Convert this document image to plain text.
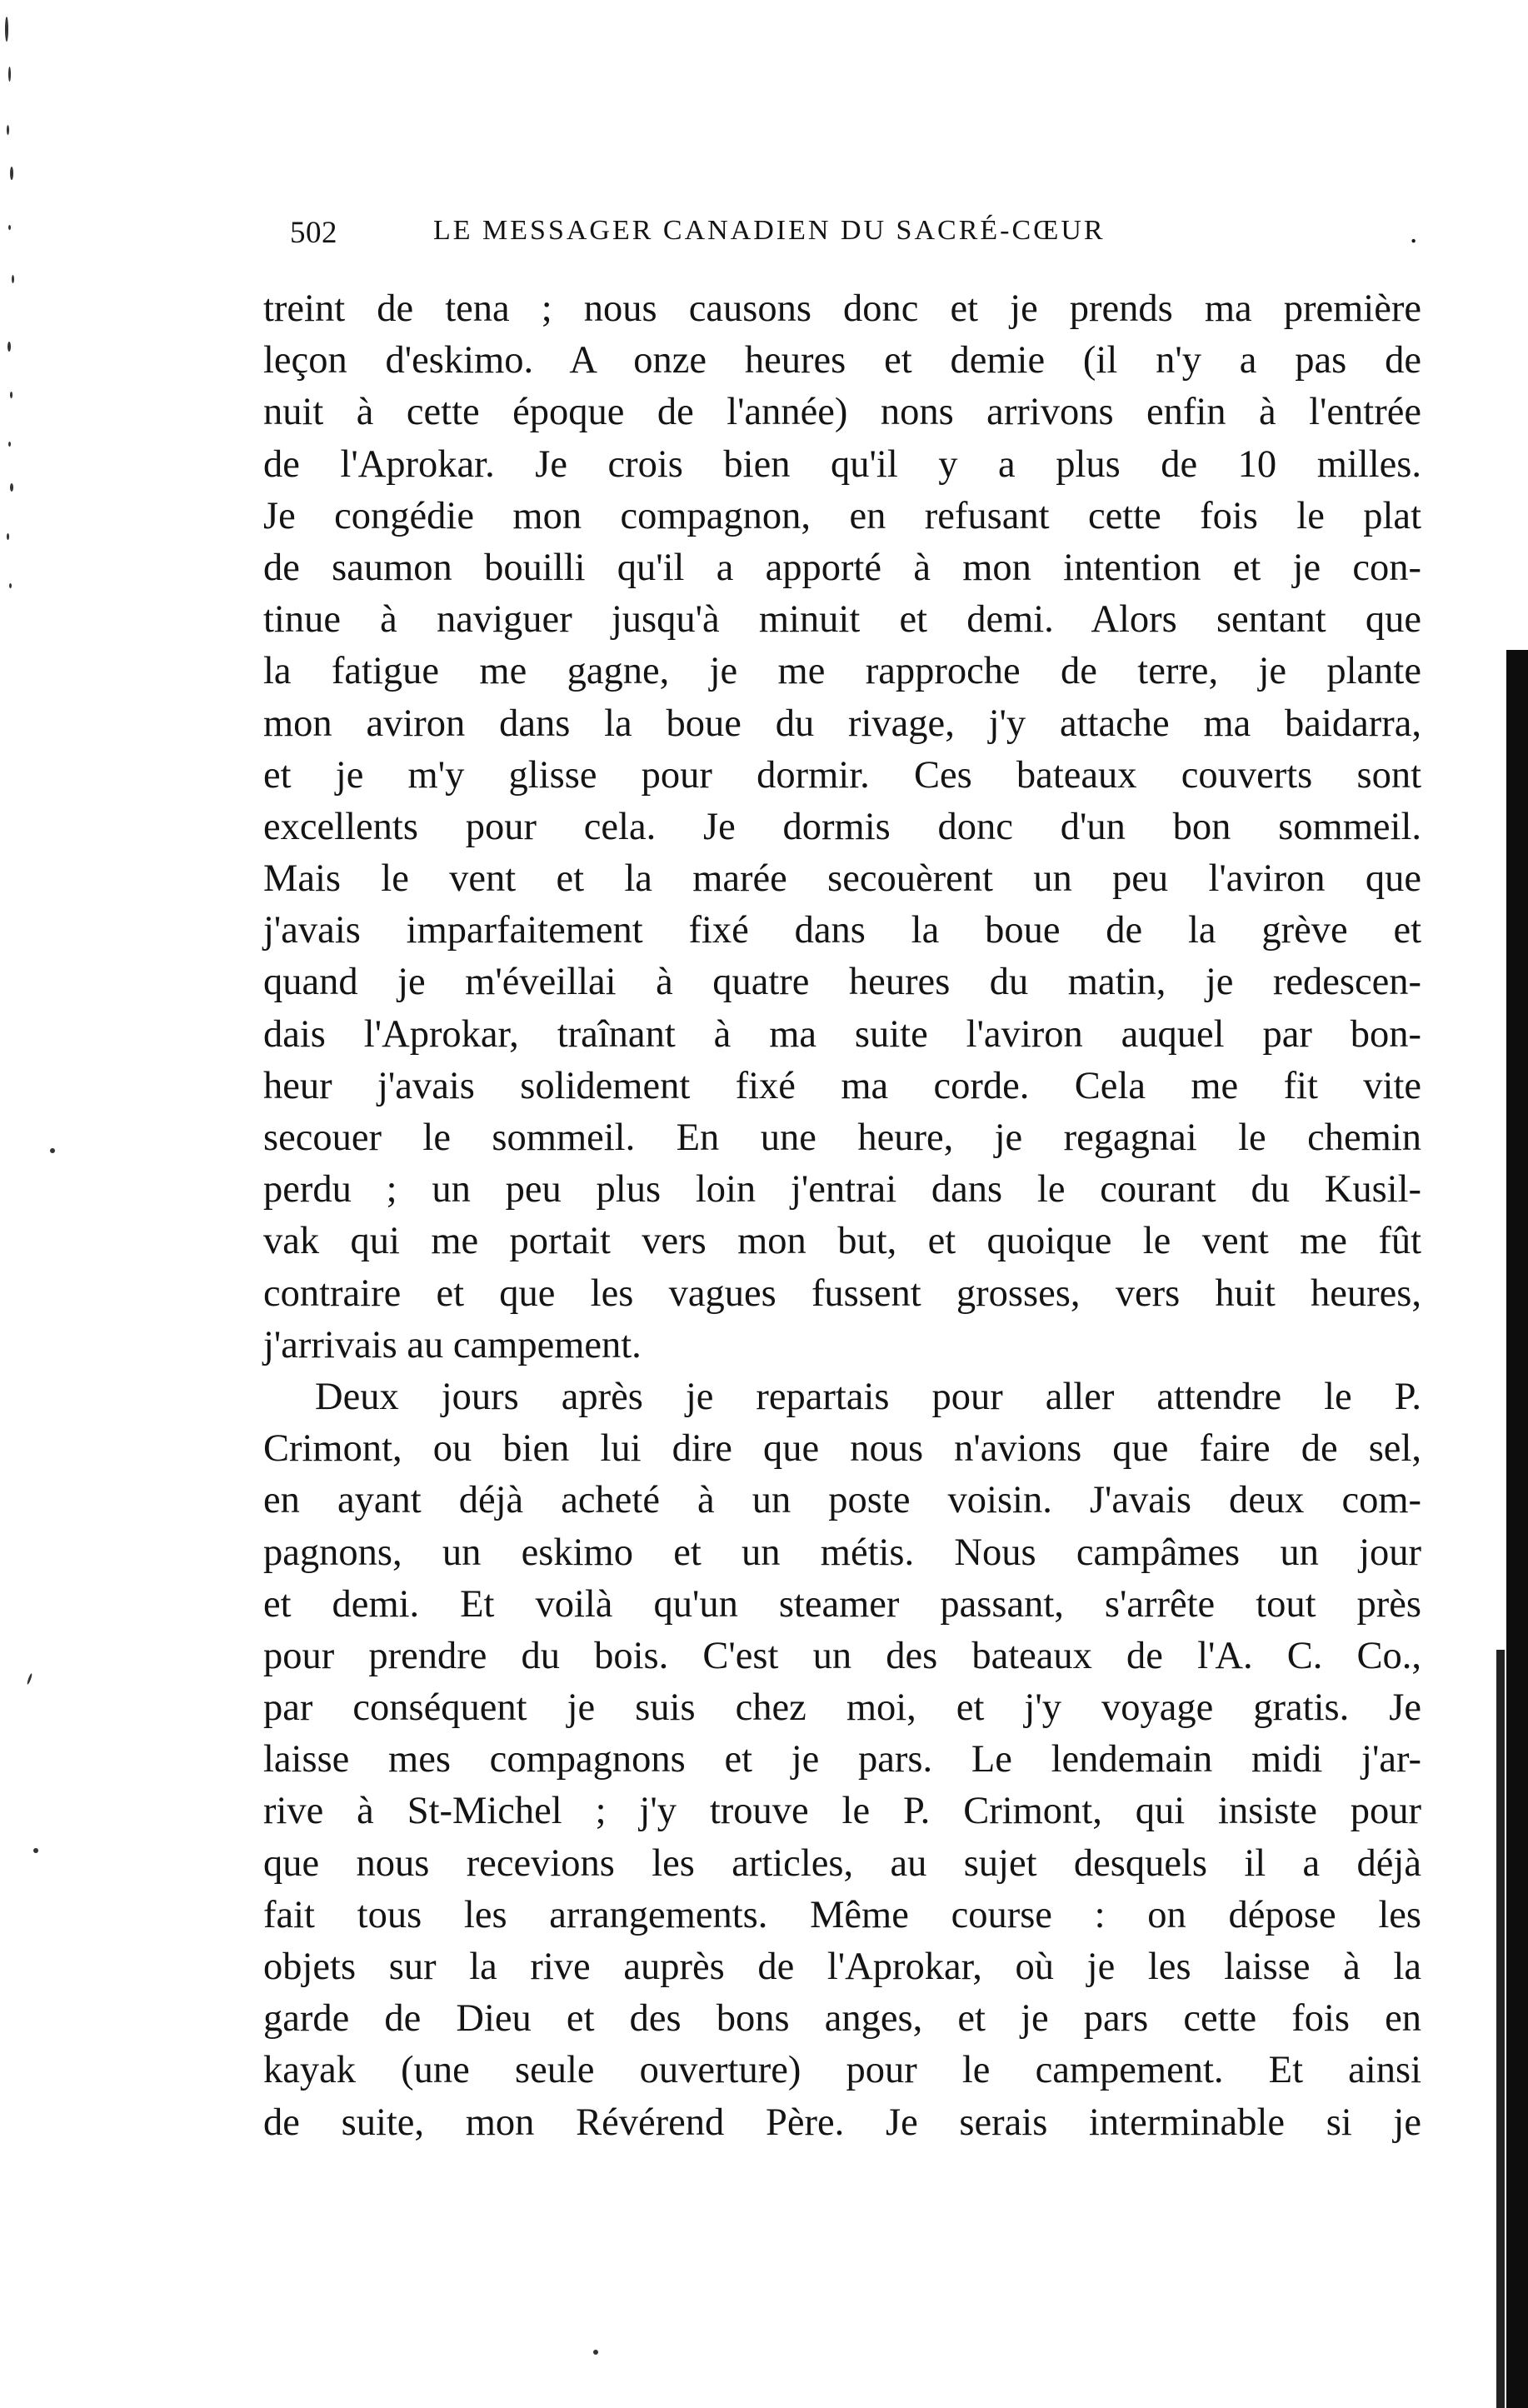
502	LE MESSAGER CANADIEN DU SACRÉ-CŒUR	.
treint de tena ; nous causons donc et je prends ma première
leçon d'eskimo. A onze heures et demie (il n'y a pas de
nuit à cette époque de l'année) nons arrivons enfin à l'entrée
de l'Aprokar. Je crois bien qu'il y a plus de 10 milles.
Je congédie mon compagnon, en refusant cette fois le plat
de saumon bouilli qu'il a apporté à mon intention et je con-
tinue à naviguer jusqu'à minuit et demi. Alors sentant que
la fatigue me gagne, je me rapproche de terre, je plante
mon aviron dans la boue du rivage, j'y attache ma baidarra,
et je m'y glisse pour dormir. Ces bateaux couverts sont
excellents pour cela. Je dormis donc d'un bon sommeil.
Mais le vent et la marée secouèrent un peu l'aviron que
j'avais imparfaitement fixé dans la boue de la grève et
quand je m'éveillai à quatre heures du matin, je redescen-
dais l'Aprokar, traînant à ma suite l'aviron auquel par bon-
heur j'avais solidement fixé ma corde. Cela me fit vite
secouer le sommeil. En une heure, je regagnai le chemin
perdu ; un peu plus loin j'entrai dans le courant du Kusil-
vak qui me portait vers mon but, et quoique le vent me fût
contraire et que les vagues fussent grosses, vers huit heures,
j'arrivais au campement.
Deux jours après je repartais pour aller attendre le P.
Crimont, ou bien lui dire que nous n'avions que faire de sel,
en ayant déjà acheté à un poste voisin. J'avais deux com-
pagnons, un eskimo et un métis. Nous campâmes un jour
et demi. Et voilà qu'un steamer passant, s'arrête tout près
pour prendre du bois. C'est un des bateaux de l'A. C. Co.,
par conséquent je suis chez moi, et j'y voyage gratis. Je
laisse mes compagnons et je pars. Le lendemain midi j'ar-
rive à St-Michel ; j'y trouve le P. Crimont, qui insiste pour
que nous recevions les articles, au sujet desquels il a déjà
fait tous les arrangements. Même course : on dépose les
objets sur la rive auprès de l'Aprokar, où je les laisse à la
garde de Dieu et des bons anges, et je pars cette fois en
kayak (une seule ouverture) pour le campement. Et ainsi
de suite, mon Révérend Père. Je serais interminable si je
